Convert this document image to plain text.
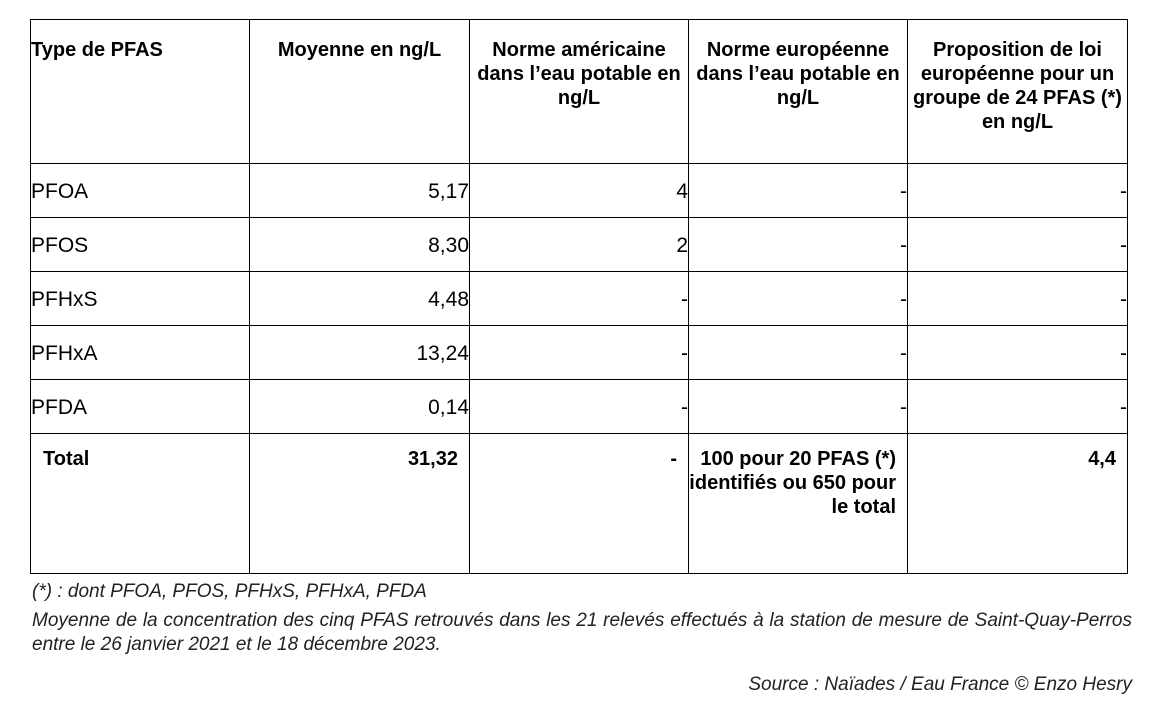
Type de PFAS	Moyenne en ng/L	Norme américaine dans l’eau potable en ng/L	Norme européenne dans l’eau potable en ng/L	Proposition de loi européenne pour un groupe de 24 PFAS (*) en ng/L
PFOA	5,17	4	-	-
PFOS	8,30	2	-	-
PFHxS	4,48	-	-	-
PFHxA	13,24	-	-	-
PFDA	0,14	-	-	-
Total	31,32	-	100 pour 20 PFAS (*) identifiés ou 650 pour le total	4,4
(*) : dont PFOA, PFOS, PFHxS, PFHxA, PFDA
Moyenne de la concentration des cinq PFAS retrouvés dans les 21 relevés effectués à la station de mesure de Saint-Quay-Perros entre le 26 janvier 2021 et le 18 décembre 2023.
Source : Naïades / Eau France © Enzo Hesry
